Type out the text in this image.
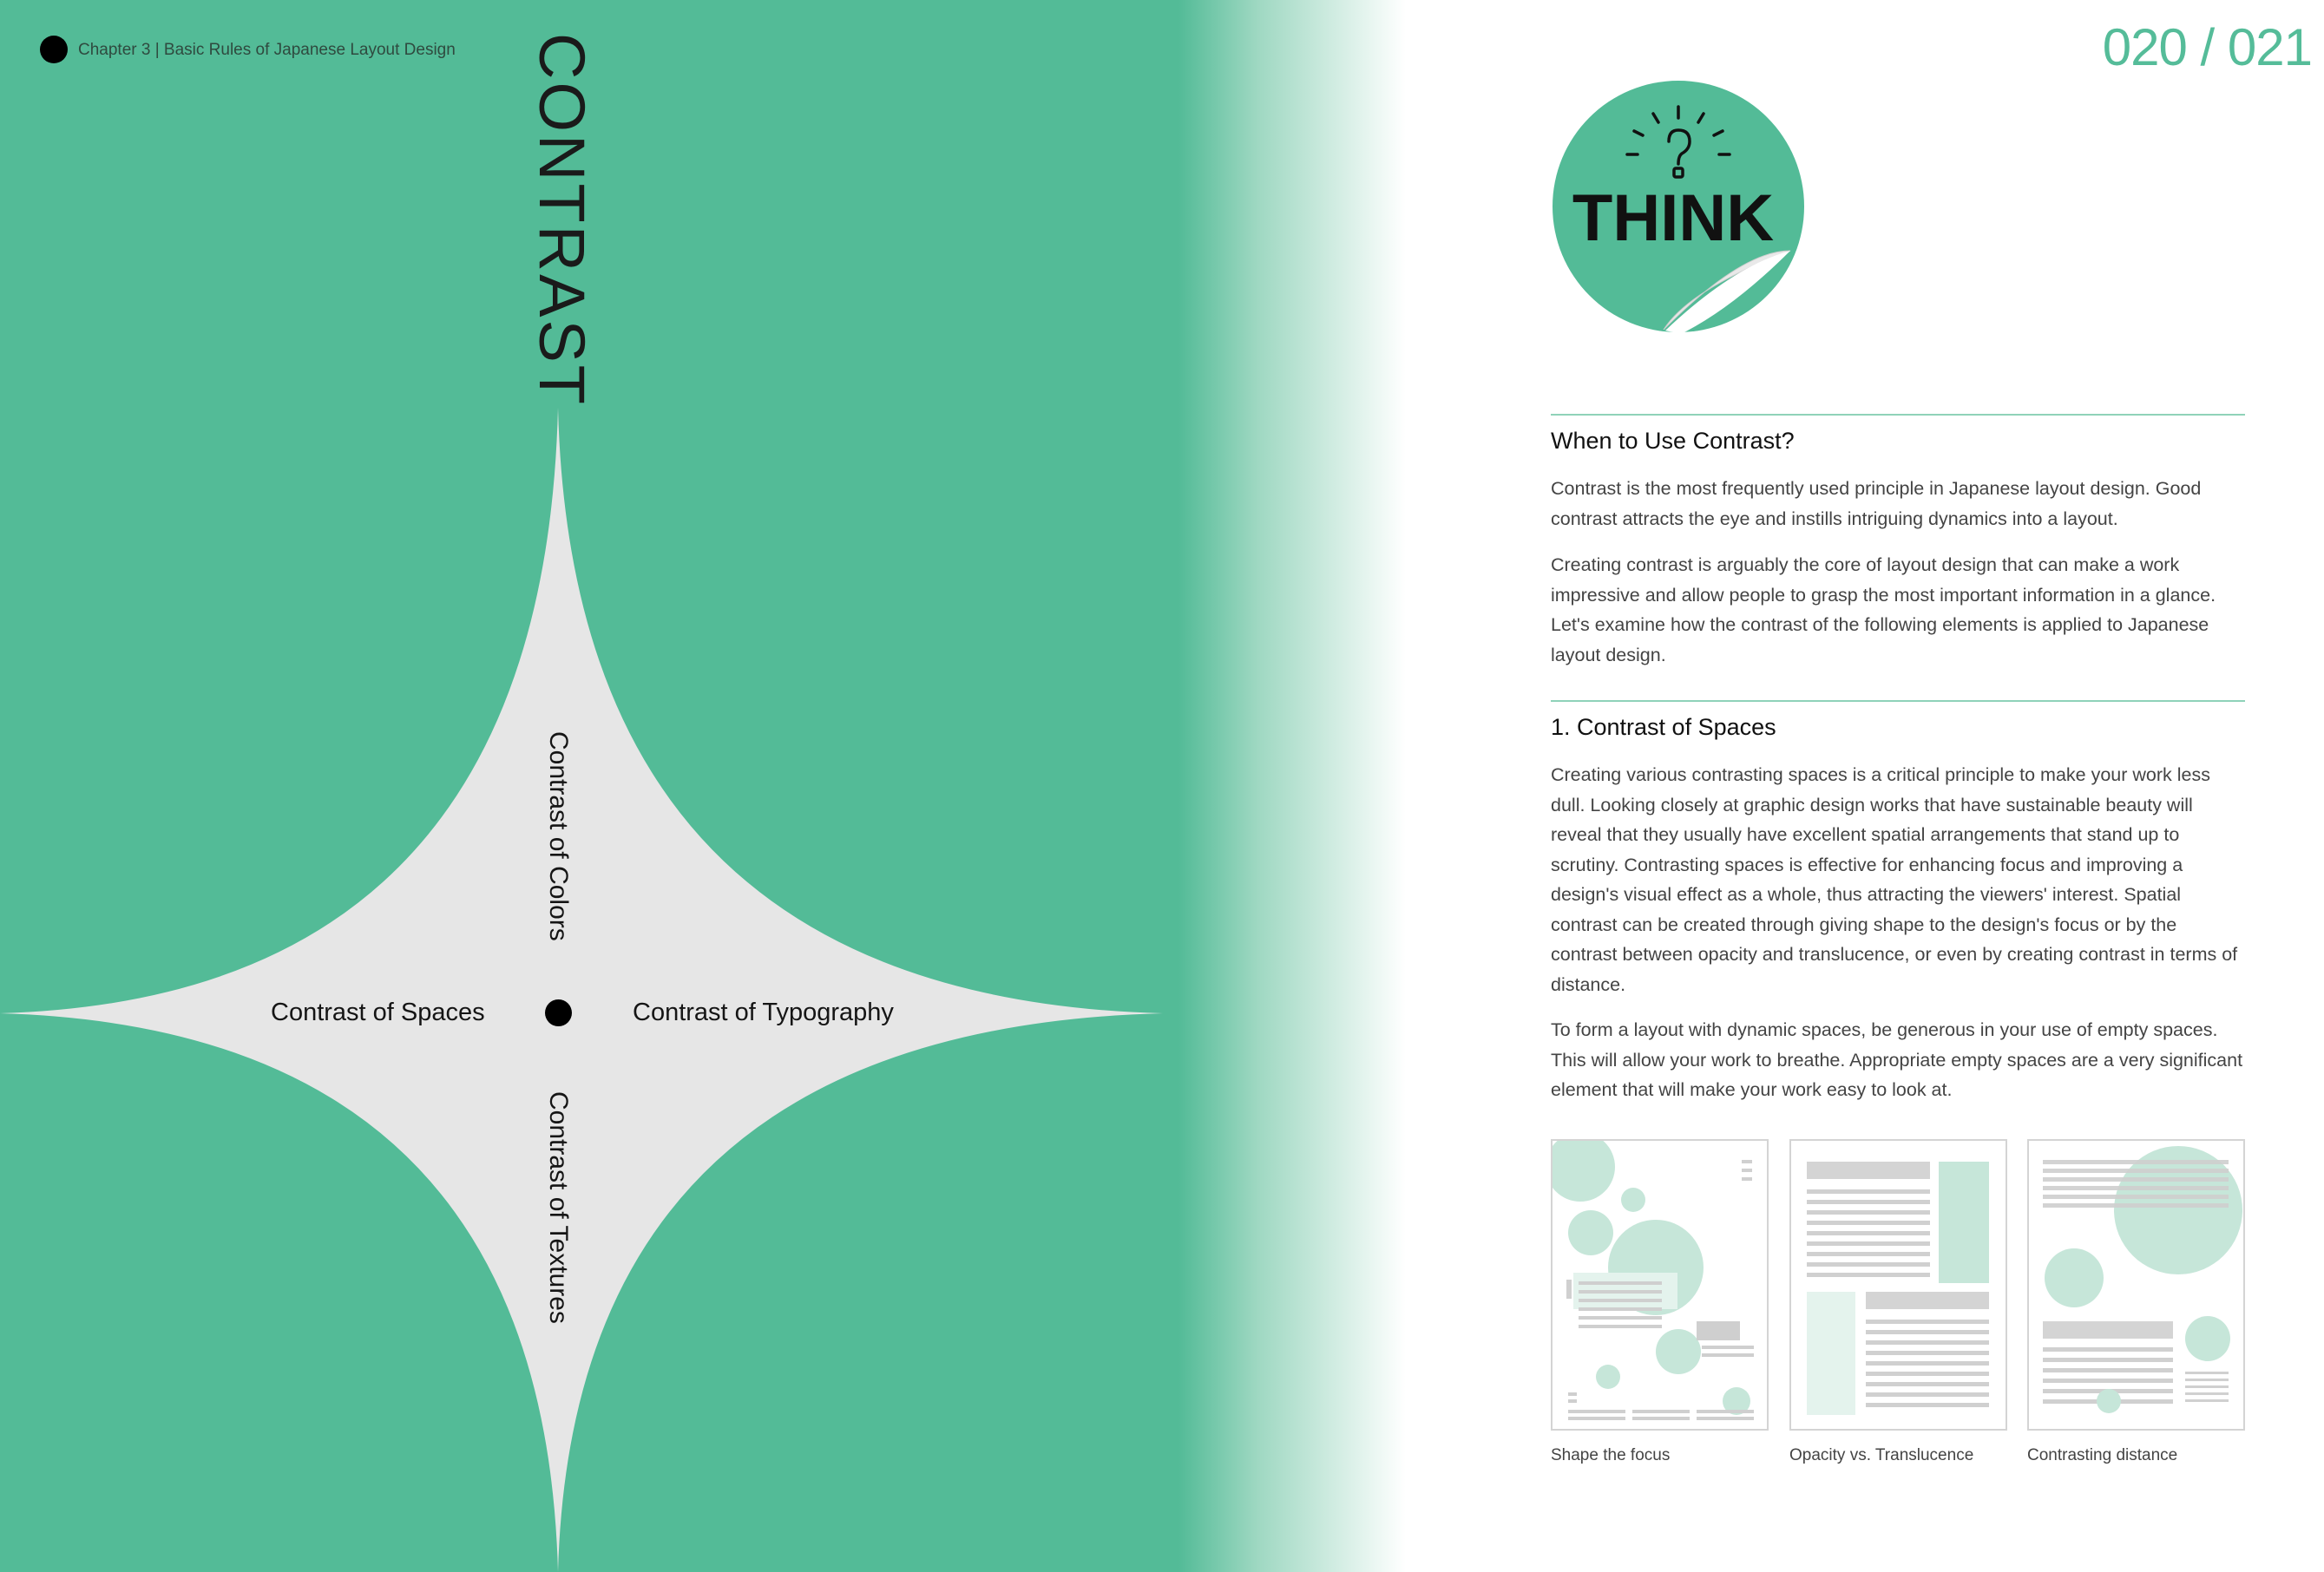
Chapter 3 | Basic Rules of Japanese Layout Design	020 / 021
CONTRAST
Contrast of Colors
Contrast of Spaces	Contrast of Typography
Contrast of Textures
THINK
When to Use Contrast?

Contrast is the most frequently used principle in Japanese layout design. Good contrast attracts the eye and instills intriguing dynamics into a layout.

Creating contrast is arguably the core of layout design that can make a work impressive and allow people to grasp the most important information in a glance. Let's examine how the contrast of the following elements is applied to Japanese layout design.

1. Contrast of Spaces

Creating various contrasting spaces is a critical principle to make your work less dull. Looking closely at graphic design works that have sustainable beauty will reveal that they usually have excellent spatial arrangements that stand up to scrutiny. Contrasting spaces is effective for enhancing focus and improving a design's visual effect as a whole, thus attracting the viewers' interest. Spatial contrast can be created through giving shape to the design's focus or by the contrast between opacity and translucence, or even by creating contrast in terms of distance.

To form a layout with dynamic spaces, be generous in your use of empty spaces. This will allow your work to breathe. Appropriate empty spaces are a very significant element that will make your work easy to look at.

Shape the focus	Opacity vs. Translucence	Contrasting distance
